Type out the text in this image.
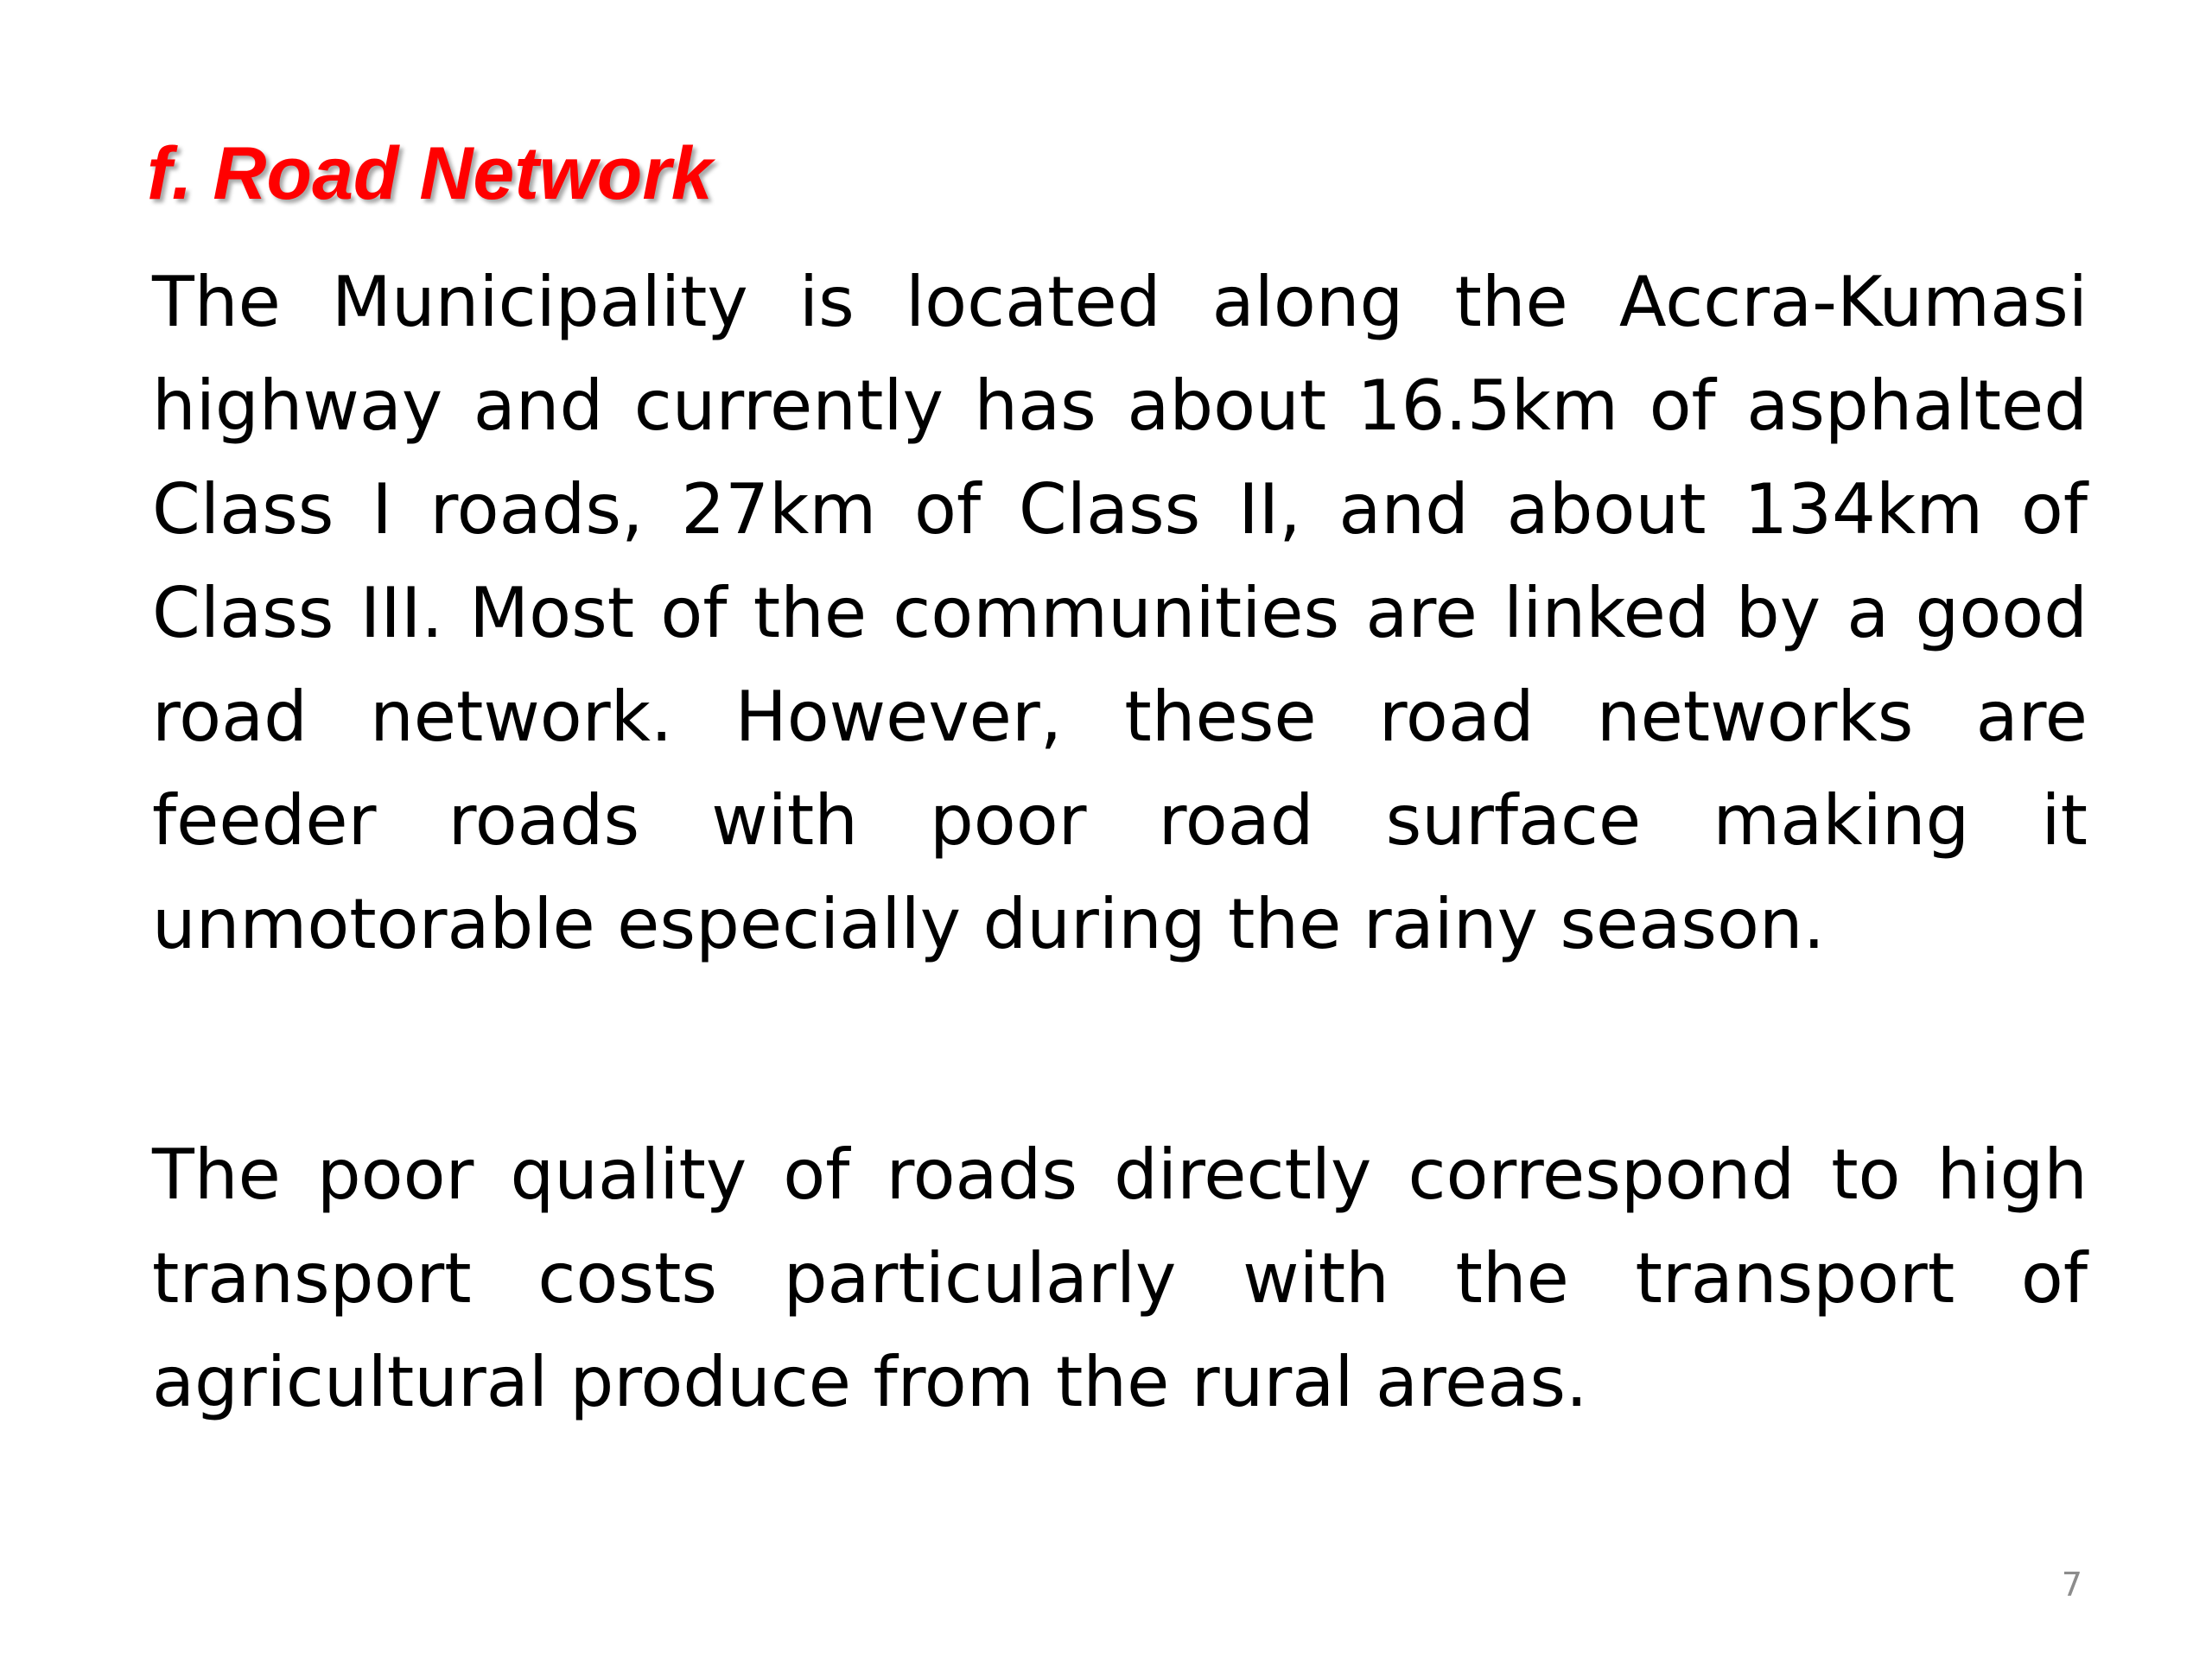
f. Road Network

The Municipality is located along the Accra-Kumasi highway and currently has about 16.5km of asphalted Class I roads, 27km of Class II, and about 134km of Class III. Most of the communities are linked by a good road network. However, these road networks are feeder roads with poor road surface making it unmotorable especially during the rainy season.

The poor quality of roads directly correspond to high transport costs particularly with the transport of agricultural produce from the rural areas.

7
